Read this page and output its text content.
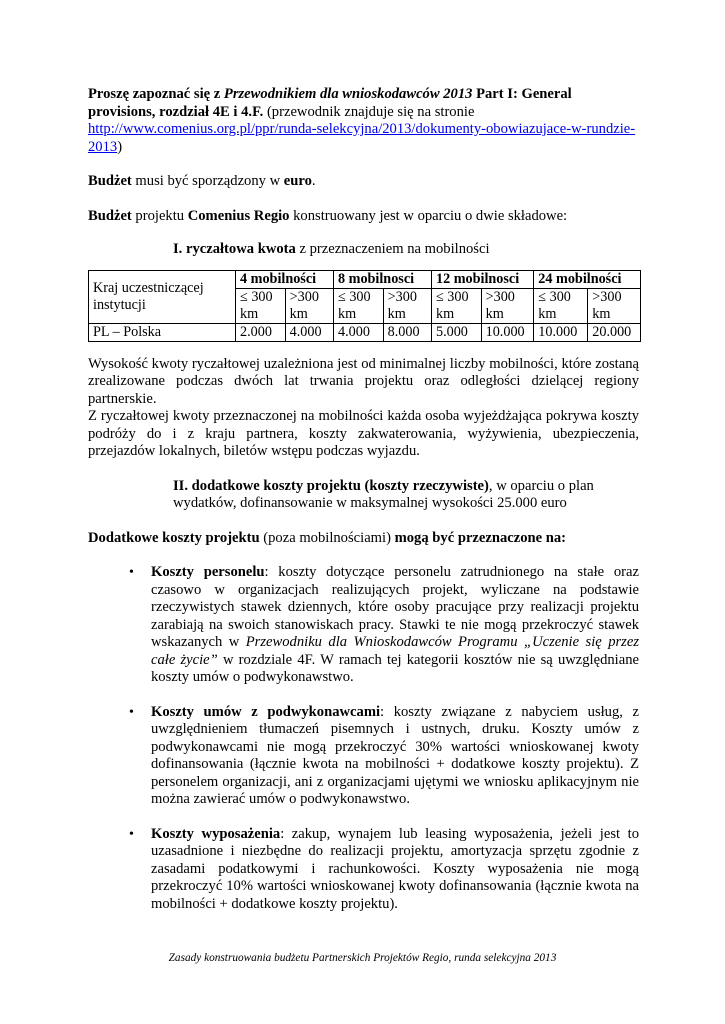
Proszę zapoznać się z Przewodnikiem dla wnioskodawców 2013 Part I: General provisions, rozdział 4E i 4.F. (przewodnik znajduje się na stronie http://www.comenius.org.pl/ppr/runda-selekcyjna/2013/dokumenty-obowiazujace-w-rundzie-2013)

Budżet musi być sporządzony w euro.

Budżet projektu Comenius Regio konstruowany jest w oparciu o dwie składowe:

I. ryczałtowa kwota z przeznaczeniem na mobilności

Kraj uczestniczącej instytucji	4 mobilności		8 mobilnosci		12 mobilnosci		24 mobilności	
	≤ 300 km	>300 km	≤ 300 km	>300 km	≤ 300 km	>300 km	≤ 300 km	>300 km
PL – Polska	2.000	4.000	4.000	8.000	5.000	10.000	10.000	20.000

Wysokość kwoty ryczałtowej uzależniona jest od minimalnej liczby mobilności, które zostaną zrealizowane podczas dwóch lat trwania projektu oraz odległości dzielącej regiony partnerskie.

Z ryczałtowej kwoty przeznaczonej na mobilności każda osoba wyjeżdżająca pokrywa koszty podróży do i z kraju partnera, koszty zakwaterowania, wyżywienia, ubezpieczenia, przejazdów lokalnych, biletów wstępu podczas wyjazdu.

II. dodatkowe koszty projektu (koszty rzeczywiste), w oparciu o plan wydatków, dofinansowanie w maksymalnej wysokości 25.000 euro

Dodatkowe koszty projektu (poza mobilnościami) mogą być przeznaczone na:

• Koszty personelu: koszty dotyczące personelu zatrudnionego na stałe oraz czasowo w organizacjach realizujących projekt, wyliczane na podstawie rzeczywistych stawek dziennych, które osoby pracujące przy realizacji projektu zarabiają na swoich stanowiskach pracy. Stawki te nie mogą przekroczyć stawek wskazanych w Przewodniku dla Wnioskodawców Programu „Uczenie się przez całe życie” w rozdziale 4F. W ramach tej kategorii kosztów nie są uwzględniane koszty umów o podwykonawstwo.
• Koszty umów z podwykonawcami: koszty związane z nabyciem usług, z uwzględnieniem tłumaczeń pisemnych i ustnych, druku. Koszty umów z podwykonawcami nie mogą przekroczyć 30% wartości wnioskowanej kwoty dofinansowania (łącznie kwota na mobilności + dodatkowe koszty projektu). Z personelem organizacji, ani z organizacjami ujętymi we wniosku aplikacyjnym nie można zawierać umów o podwykonawstwo.
• Koszty wyposażenia: zakup, wynajem lub leasing wyposażenia, jeżeli jest to uzasadnione i niezbędne do realizacji projektu, amortyzacja sprzętu zgodnie z zasadami podatkowymi i rachunkowości. Koszty wyposażenia nie mogą przekroczyć 10% wartości wnioskowanej kwoty dofinansowania (łącznie kwota na mobilności + dodatkowe koszty projektu).
Zasady konstruowania budżetu Partnerskich Projektów Regio, runda selekcyjna 2013
